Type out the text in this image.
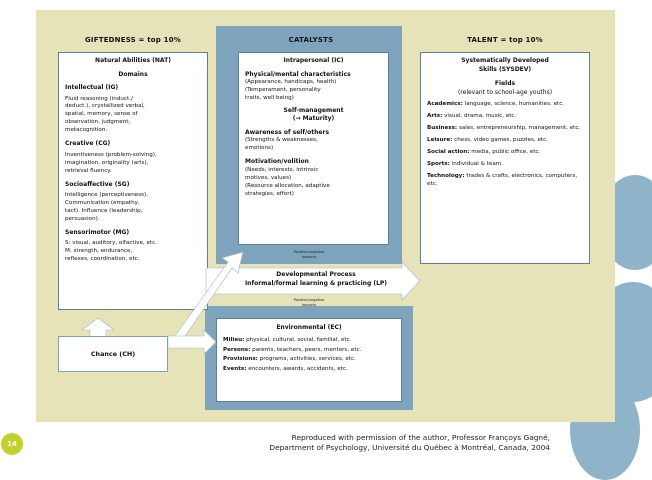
GIFTEDNESS = top 10%	CATALYSTS	TALENT = top 10%
Natural Abilities (NAT)
Domains
Intellectual (IG)
Fluid reasoning (induct./
deduct.), crystallized verbal,
spatial, memory, sense of
observation, judgment,
metacognition.
Creative (CG)
Inventiveness (problem-solving),
imagination, originality (arts),
retrieval fluency.
Socioaffective (SG)
Intelligence (perceptiveness).
Communication (empathy,
tact). Influence (leadership,
persuasion).
Sensorimotor (MG)
S: visual, auditory, olfactive, etc.
M: strength, endurance,
reflexes, coordination, etc.
Intrapersonal (IC)
Physical/mental characteristics
(Appearance, handicaps, health)
(Temperament, personality
traits, well being)
Self-management
(→ Maturity)
Awareness of self/others
(Strengths & weaknesses,
emotions)
Motivation/volition
(Needs, interests, intrinsic
motives, values)
(Resource allocation, adaptive
strategies, effort)
Systematically Developed
Skills (SYSDEV)
Fields
(relevant to school-age youths)

Academics: language, science, humanities, etc.

Arts: visual, drama, music, etc.

Business: sales, entrepreneurship, management, etc.

Leisure: chess, video games, puzzles, etc.

Social action: media, public office, etc.

Sports: individual & team.

Technology: trades & crafts, electronics, computers, etc.

Chance (CH)
Developmental Process
Informal/formal learning & practicing (LP)
Positive/negative
impacts
Positive/negative
impacts
Environmental (EC)

Milieu: physical, cultural, social, familial, etc.

Persons: parents, teachers, peers, mentors, etc.

Provisions: programs, activities, services, etc.

Events: encounters, awards, accidents, etc.

14
Reproduced with permission of the author, Professor Françoys Gagné,
Department of Psychology, Université du Québec à Montréal, Canada, 2004
